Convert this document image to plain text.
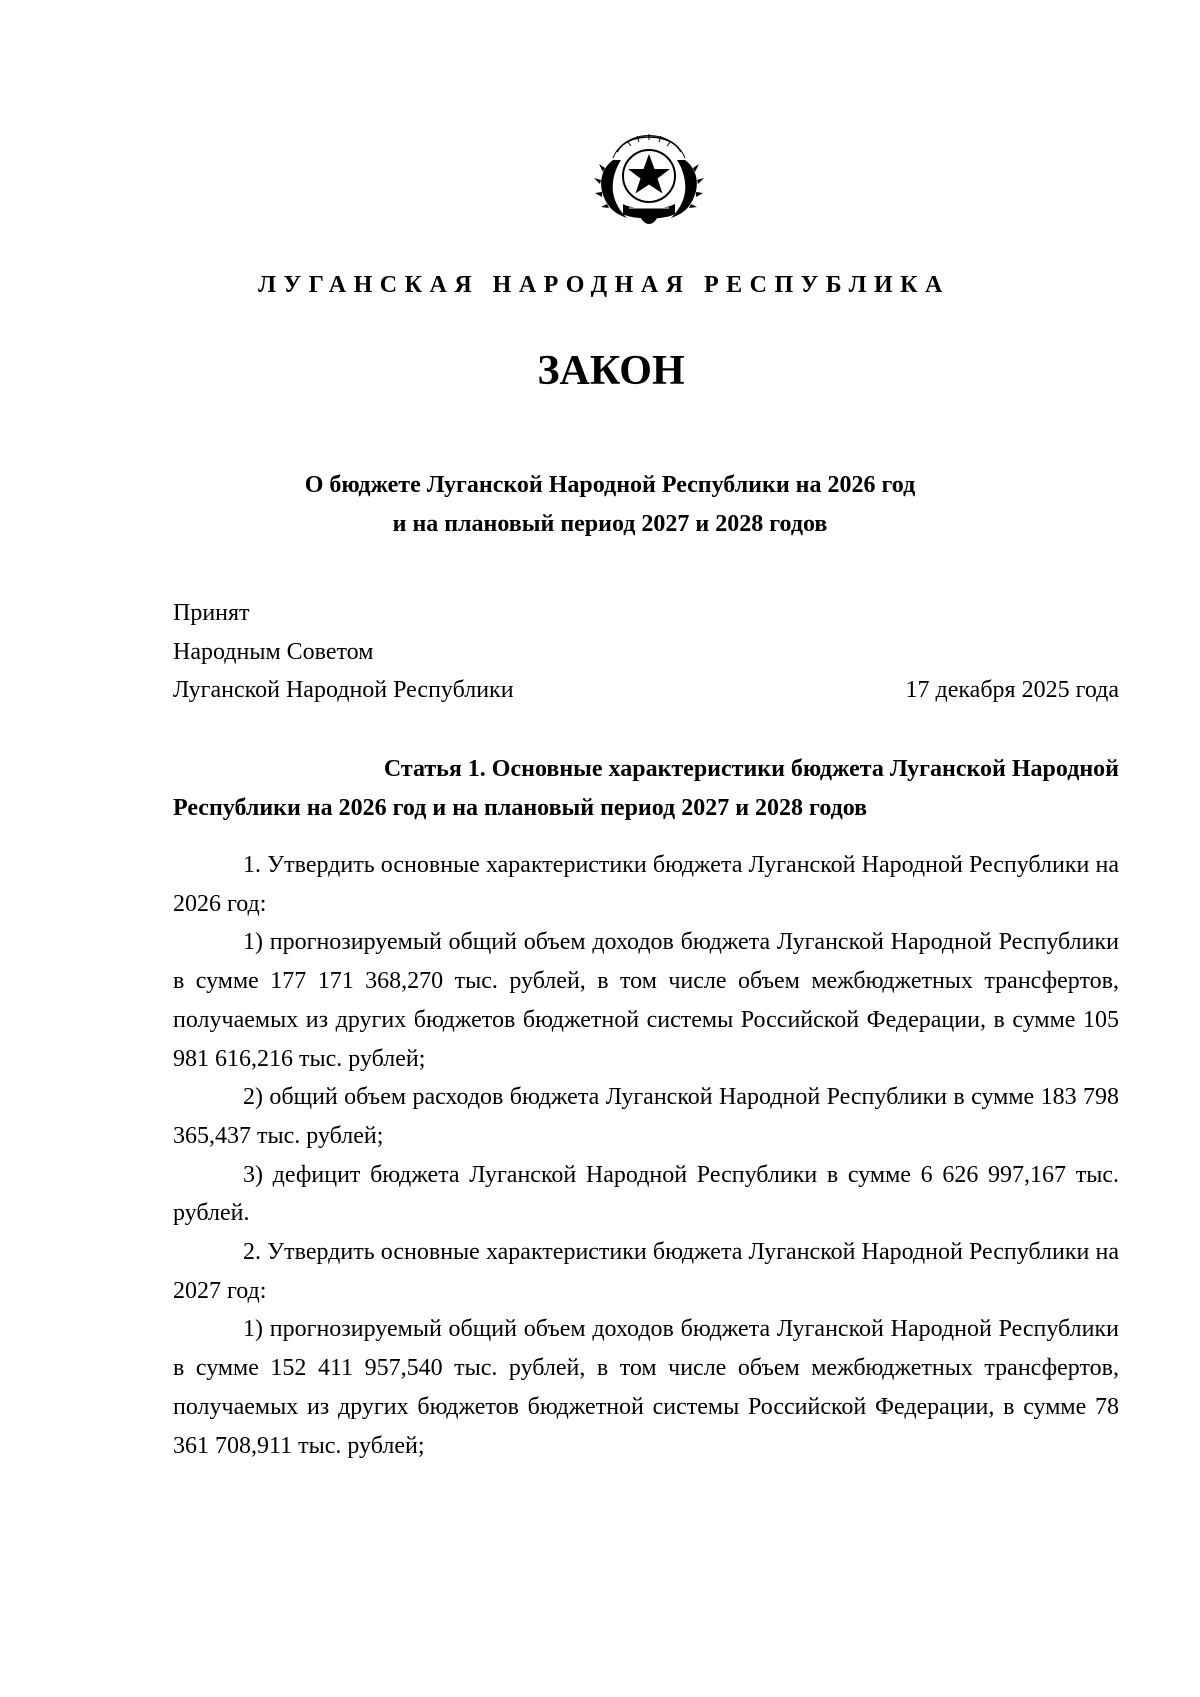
ЛУГАНСКАЯ НАРОДНАЯ РЕСПУБЛИКА
ЗАКОН
О бюджете Луганской Народной Республики на 2026 год
и на плановый период 2027 и 2028 годов
Принят
Народным Советом
Луганской Народной Республики	17 декабря 2025 года
Статья 1. Основные характеристики бюджета Луганской Народной
Республики на 2026 год и на плановый период 2027 и 2028 годов

1. Утвердить основные характеристики бюджета Луганской Народной Республики на 2026 год:

1) прогнозируемый общий объем доходов бюджета Луганской Народной Республики в сумме 177 171 368,270 тыс. рублей, в том числе объем межбюджетных трансфертов, получаемых из других бюджетов бюджетной системы Российской Федерации, в сумме 105 981 616,216 тыс. рублей;

2) общий объем расходов бюджета Луганской Народной Республики в сумме 183 798 365,437 тыс. рублей;

3) дефицит бюджета Луганской Народной Республики в сумме 6 626 997,167 тыс. рублей.

2. Утвердить основные характеристики бюджета Луганской Народной Республики на 2027 год:

1) прогнозируемый общий объем доходов бюджета Луганской Народной Республики в сумме 152 411 957,540 тыс. рублей, в том числе объем межбюджетных трансфертов, получаемых из других бюджетов бюджетной системы Российской Федерации, в сумме 78 361 708,911 тыс. рублей;
